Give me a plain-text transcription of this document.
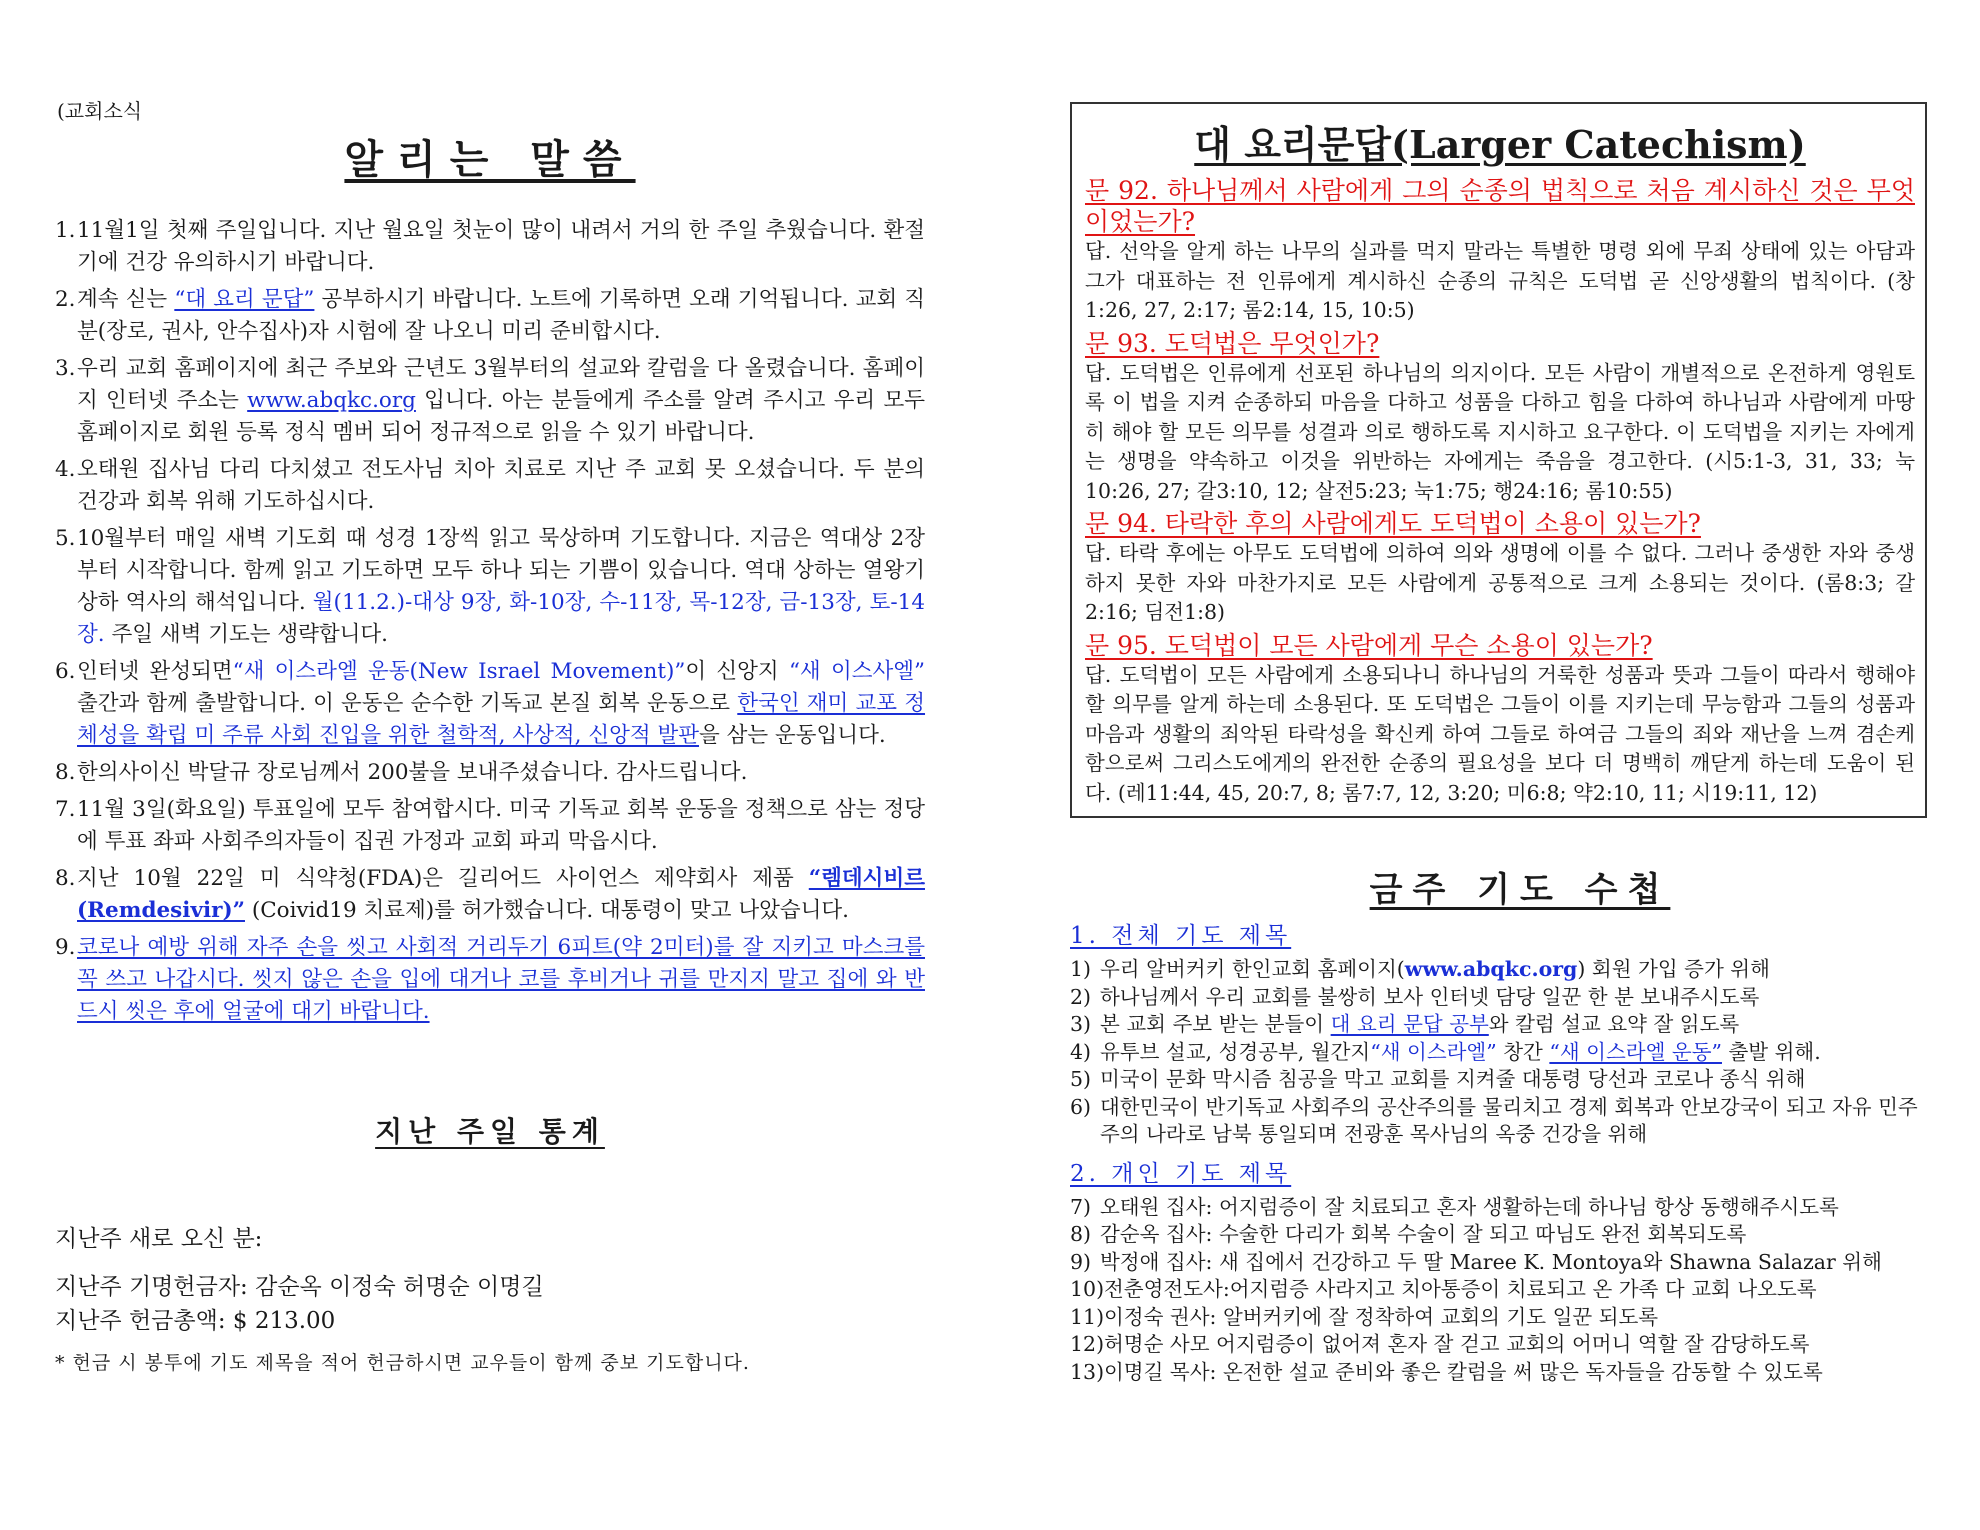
(교회소식
알리는 말씀
1. 11월1일 첫째 주일입니다. 지난 월요일 첫눈이 많이 내려서 거의 한 주일 추웠습니다. 환절기에 건강 유의하시기 바랍니다.
2. 계속 싣는 “대 요리 문답” 공부하시기 바랍니다. 노트에 기록하면 오래 기억됩니다. 교회 직분(장로, 권사, 안수집사)자 시험에 잘 나오니 미리 준비합시다.
3. 우리 교회 홈페이지에 최근 주보와 근년도 3월부터의 설교와 칼럼을 다 올렸습니다. 홈페이지 인터넷 주소는 www.abqkc.org 입니다. 아는 분들에게 주소를 알려 주시고 우리 모두 홈페이지로 회원 등록 정식 멤버 되어 정규적으로 읽을 수 있기 바랍니다.
4. 오태원 집사님 다리 다치셨고 전도사님 치아 치료로 지난 주 교회 못 오셨습니다. 두 분의 건강과 회복 위해 기도하십시다.
5. 10월부터 매일 새벽 기도회 때 성경 1장씩 읽고 묵상하며 기도합니다. 지금은 역대상 2장부터 시작합니다. 함께 읽고 기도하면 모두 하나 되는 기쁨이 있습니다. 역대 상하는 열왕기 상하 역사의 해석입니다. 월(11.2.)-대상 9장, 화-10장, 수-11장, 목-12장, 금-13장, 토-14장. 주일 새벽 기도는 생략합니다.
6. 인터넷 완성되면“새 이스라엘 운동(New Israel Movement)”이 신앙지 “새 이스사엘” 출간과 함께 출발합니다. 이 운동은 순수한 기독교 본질 회복 운동으로 한국인 재미 교포 정체성을 확립 미 주류 사회 진입을 위한 철학적, 사상적, 신앙적 발판을 삼는 운동입니다.
8. 한의사이신 박달규 장로님께서 200불을 보내주셨습니다. 감사드립니다.
7. 11월 3일(화요일) 투표일에 모두 참여합시다. 미국 기독교 회복 운동을 정책으로 삼는 정당에 투표 좌파 사회주의자들이 집권 가정과 교회 파괴 막읍시다.
8. 지난 10월 22일 미 식약청(FDA)은 길리어드 사이언스 제약회사 제품 “렘데시비르 (Remdesivir)” (Coivid19 치료제)를 허가했습니다. 대통령이 맞고 나았습니다.
9. 코로나 예방 위해 자주 손을 씻고 사회적 거리두기 6피트(약 2미터)를 잘 지키고 마스크를 꼭 쓰고 나갑시다. 씻지 않은 손을 입에 대거나 코를 후비거나 귀를 만지지 말고 집에 와 반드시 씻은 후에 얼굴에 대기 바랍니다.
지난 주일 통계
지난주 새로 오신 분:
지난주 기명헌금자: 감순옥 이정숙 허명순 이명길
지난주 헌금총액: $ 213.00
* 헌금 시 봉투에 기도 제목을 적어 헌금하시면 교우들이 함께 중보 기도합니다.
대 요리문답(Larger Catechism)
문 92. 하나님께서 사람에게 그의 순종의 법칙으로 처음 계시하신 것은 무엇이었는가?
답. 선악을 알게 하는 나무의 실과를 먹지 말라는 특별한 명령 외에 무죄 상태에 있는 아담과 그가 대표하는 전 인류에게 계시하신 순종의 규칙은 도덕법 곧 신앙생활의 법칙이다. (창1:26, 27, 2:17; 롬2:14, 15, 10:5)
문 93. 도덕법은 무엇인가?
답. 도덕법은 인류에게 선포된 하나님의 의지이다. 모든 사람이 개별적으로 온전하게 영원토록 이 법을 지켜 순종하되 마음을 다하고 성품을 다하고 힘을 다하여 하나님과 사람에게 마땅히 해야 할 모든 의무를 성결과 의로 행하도록 지시하고 요구한다. 이 도덕법을 지키는 자에게는 생명을 약속하고 이것을 위반하는 자에게는 죽음을 경고한다. (시5:1-3, 31, 33; 눅10:26, 27; 갈3:10, 12; 살전5:23; 눅1:75; 행24:16; 롬10:55)
문 94. 타락한 후의 사람에게도 도덕법이 소용이 있는가?
답. 타락 후에는 아무도 도덕법에 의하여 의와 생명에 이를 수 없다. 그러나 중생한 자와 중생하지 못한 자와 마찬가지로 모든 사람에게 공통적으로 크게 소용되는 것이다. (롬8:3; 갈2:16; 딤전1:8)
문 95. 도덕법이 모든 사람에게 무슨 소용이 있는가?
답. 도덕법이 모든 사람에게 소용되나니 하나님의 거룩한 성품과 뜻과 그들이 따라서 행해야 할 의무를 알게 하는데 소용된다. 또 도덕법은 그들이 이를 지키는데 무능함과 그들의 성품과 마음과 생활의 죄악된 타락성을 확신케 하여 그들로 하여금 그들의 죄와 재난을 느껴 겸손케 함으로써 그리스도에게의 완전한 순종의 필요성을 보다 더 명백히 깨닫게 하는데 도움이 된다. (레11:44, 45, 20:7, 8; 롬7:7, 12, 3:20; 미6:8; 약2:10, 11; 시19:11, 12)
금주 기도 수첩
1. 전체 기도 제목
1) 우리 알버커키 한인교회 홈페이지(www.abqkc.org) 회원 가입 증가 위해
2) 하나님께서 우리 교회를 불쌍히 보사 인터넷 담당 일꾼 한 분 보내주시도록
3) 본 교회 주보 받는 분들이 대 요리 문답 공부와 칼럼 설교 요약 잘 읽도록
4) 유투브 설교, 성경공부, 월간지“새 이스라엘” 창간 “새 이스라엘 운동” 출발 위해.
5) 미국이 문화 막시즘 침공을 막고 교회를 지켜줄 대통령 당선과 코로나 종식 위해
6) 대한민국이 반기독교 사회주의 공산주의를 물리치고 경제 회복과 안보강국이 되고 자유 민주주의 나라로 남북 통일되며 전광훈 목사님의 옥중 건강을 위해
2. 개인 기도 제목
7) 오태원 집사: 어지럼증이 잘 치료되고 혼자 생활하는데 하나님 항상 동행해주시도록
8) 감순옥 집사: 수술한 다리가 회복 수술이 잘 되고 따님도 완전 회복되도록
9) 박정애 집사: 새 집에서 건강하고 두 딸 Maree K. Montoya와 Shawna Salazar 위해
10) 전춘영전도사:어지럼증 사라지고 치아통증이 치료되고 온 가족 다 교회 나오도록
11) 이정숙 권사: 알버커키에 잘 정착하여 교회의 기도 일꾼 되도록
12) 허명순 사모 어지럼증이 없어져 혼자 잘 걷고 교회의 어머니 역할 잘 감당하도록
13) 이명길 목사: 온전한 설교 준비와 좋은 칼럼을 써 많은 독자들을 감동할 수 있도록
